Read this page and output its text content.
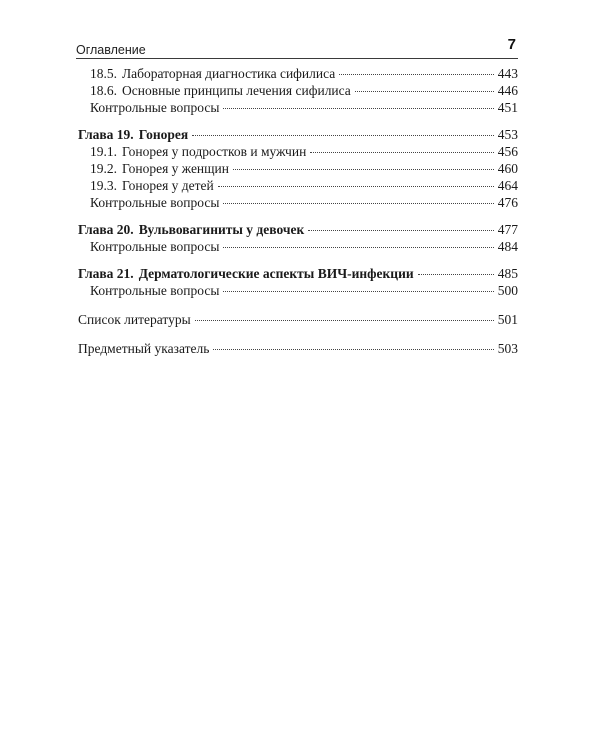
Оглавление	7
18.5. Лабораторная диагностика сифилиса	443
18.6. Основные принципы лечения сифилиса	446
Контрольные вопросы	451
Глава 19. Гонорея	453
19.1. Гонорея у подростков и мужчин	456
19.2. Гонорея у женщин	460
19.3. Гонорея у детей	464
Контрольные вопросы	476
Глава 20. Вульвовагиниты у девочек	477
Контрольные вопросы	484
Глава 21. Дерматологические аспекты ВИЧ-инфекции	485
Контрольные вопросы	500
Список литературы	501
Предметный указатель	503
